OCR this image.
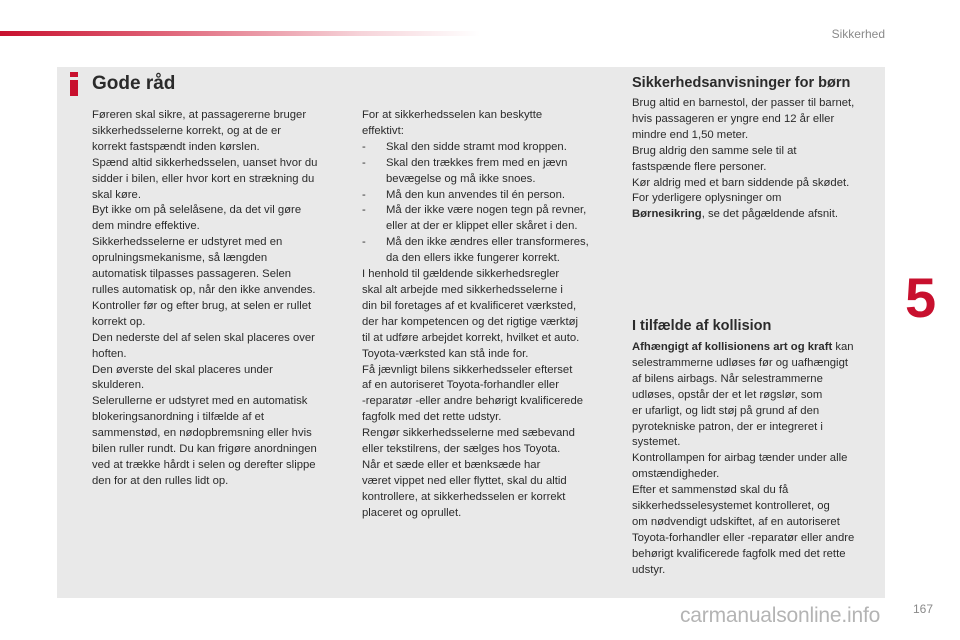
Sikkerhed
5
Gode råd

Føreren skal sikre, at passagererne bruger

sikkerhedsselerne korrekt, og at de er

korrekt fastspændt inden kørslen.

Spænd altid sikkerhedsselen, uanset hvor du

sidder i bilen, eller hvor kort en strækning du

skal køre.

Byt ikke om på selelåsene, da det vil gøre

dem mindre effektive.

Sikkerhedsselerne er udstyret med en

oprulningsmekanisme, så længden

automatisk tilpasses passageren. Selen

rulles automatisk op, når den ikke anvendes.

Kontroller før og efter brug, at selen er rullet

korrekt op.

Den nederste del af selen skal placeres over

hoften.

Den øverste del skal placeres under

skulderen.

Selerullerne er udstyret med en automatisk

blokeringsanordning i tilfælde af et

sammenstød, en nødopbremsning eller hvis

bilen ruller rundt. Du kan frigøre anordningen

ved at trække hårdt i selen og derefter slippe

den for at den rulles lidt op.

For at sikkerhedsselen kan beskytte

effektivt:

- Skal den sidde stramt mod kroppen.

- Skal den trækkes frem med en jævn

bevægelse og må ikke snoes.

- Må den kun anvendes til én person.

- Må der ikke være nogen tegn på revner,

eller at der er klippet eller skåret i den.

- Må den ikke ændres eller transformeres,

da den ellers ikke fungerer korrekt.

I henhold til gældende sikkerhedsregler

skal alt arbejde med sikkerhedsselerne i

din bil foretages af et kvalificeret værksted,

der har kompetencen og det rigtige værktøj

til at udføre arbejdet korrekt, hvilket et auto.

Toyota-værksted kan stå inde for.

Få jævnligt bilens sikkerhedsseler efterset

af en autoriseret Toyota-forhandler eller

-reparatør -eller andre behørigt kvalificerede

fagfolk med det rette udstyr.

Rengør sikkerhedsselerne med sæbevand

eller tekstilrens, der sælges hos Toyota.

Når et sæde eller et bænksæde har

været vippet ned eller flyttet, skal du altid

kontrollere, at sikkerhedsselen er korrekt

placeret og oprullet.

Sikkerhedsanvisninger for børn

Brug altid en barnestol, der passer til barnet,

hvis passageren er yngre end 12 år eller

mindre end 1,50 meter.

Brug aldrig den samme sele til at

fastspænde flere personer.

Kør aldrig med et barn siddende på skødet.

For yderligere oplysninger om

Børnesikring, se det pågældende afsnit.

I tilfælde af kollision

Afhængigt af kollisionens art og kraft kan

selestrammerne udløses før og uafhængigt

af bilens airbags. Når selestrammerne

udløses, opstår der et let røgslør, som

er ufarligt, og lidt støj på grund af den

pyrotekniske patron, der er integreret i

systemet.

Kontrollampen for airbag tænder under alle

omstændigheder.

Efter et sammenstød skal du få

sikkerhedsselesystemet kontrolleret, og

om nødvendigt udskiftet, af en autoriseret

Toyota-forhandler eller -reparatør eller andre

behørigt kvalificerede fagfolk med det rette

udstyr.

carmanualsonline.info	167
